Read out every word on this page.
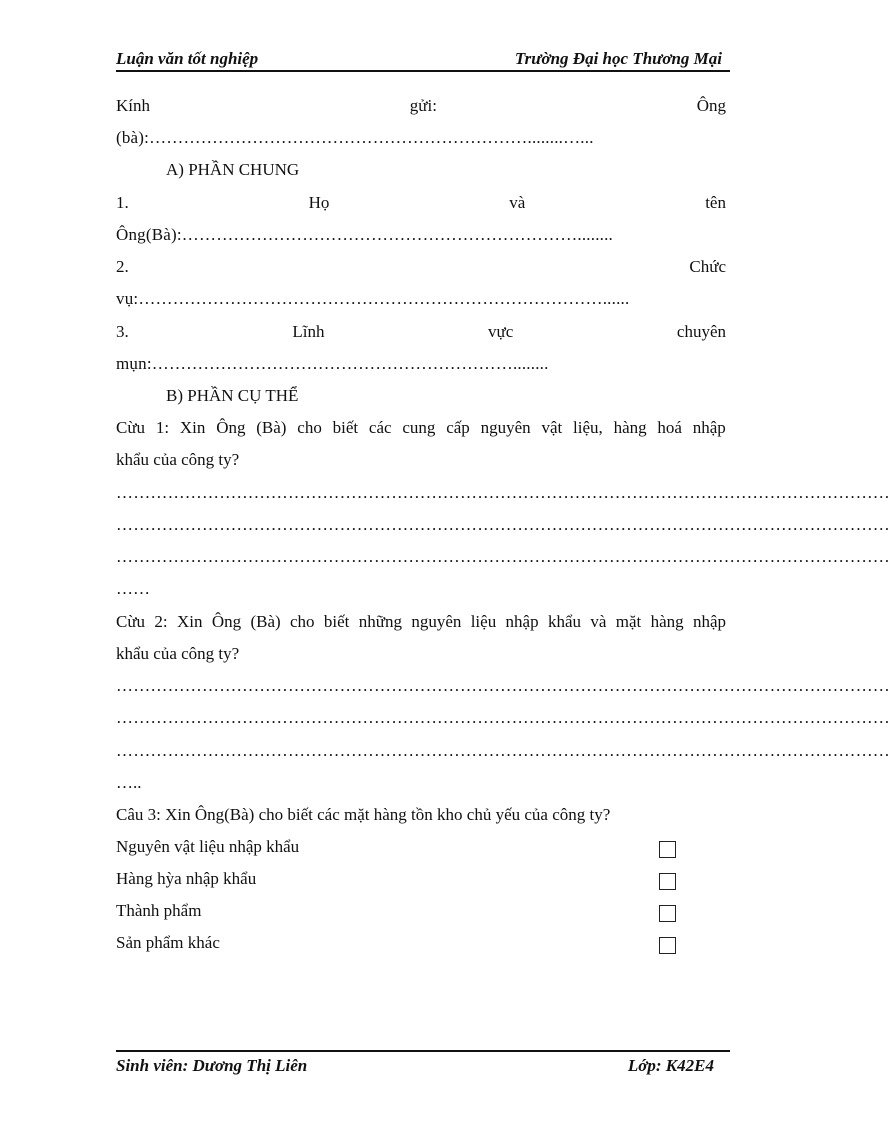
Luận văn tốt nghiệp	Trường Đại học Thương Mại
Kính	gửi:	Ông
(bà):…………………………………………………………........…...
A) PHẦN CHUNG
1.	Họ	và	tên
Ông(Bà):……………………………………………………………........
2.	Chức
vụ:………………………………………………………………………......
3.	Lĩnh	vực	chuyên
mụn:………………………………………………………........
B) PHẦN CỤ THỂ
Cừu 1: Xin Ông (Bà) cho biết các cung cấp nguyên vật liệu, hàng hoá nhập
khẩu của công ty?
………………………………………………………………………………………………………………………
………………………………………………………………………………………………………………………
………………………………………………………………………………………………………………………
……
Cừu 2: Xin Ông (Bà) cho biết những nguyên liệu nhập khẩu và mặt hàng nhập
khẩu của công ty?
………………………………………………………………………………………………………………………
………………………………………………………………………………………………………………………
………………………………………………………………………………………………………………………
…..
Câu 3: Xin Ông(Bà) cho biết các mặt hàng tồn kho chủ yếu của công ty?
Nguyên vật liệu nhập khẩu
Hàng hỳa nhập khẩu
Thành phẩm
Sản phẩm khác
Sinh viên: Dương Thị Liên	Lớp: K42E4
